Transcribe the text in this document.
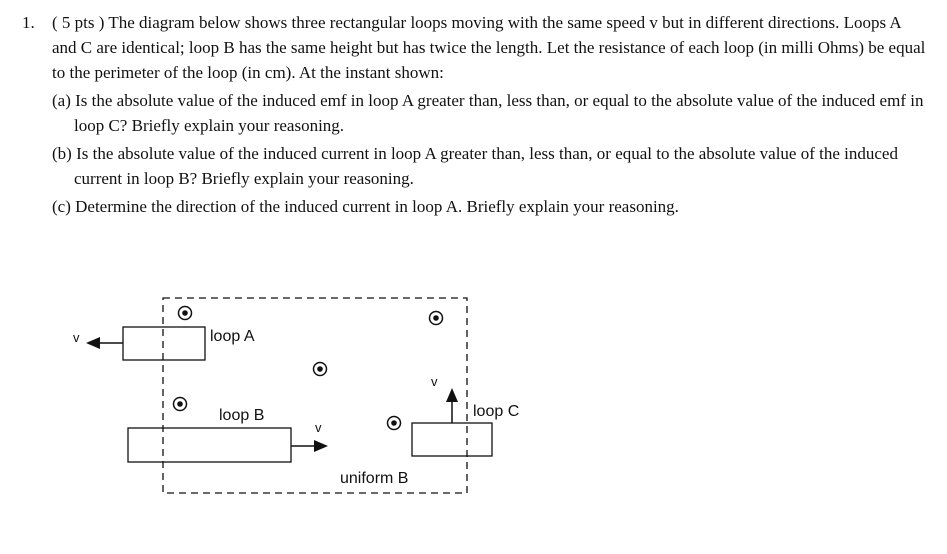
1. ( 5 pts ) The diagram below shows three rectangular loops moving with the same speed v but in different directions. Loops A and C are identical; loop B has the same height but has twice the length. Let the resistance of each loop (in milli Ohms) be equal to the perimeter of the loop (in cm). At the instant shown:
(a) Is the absolute value of the induced emf in loop A greater than, less than, or equal to the absolute value of the induced emf in loop C? Briefly explain your reasoning.
(b) Is the absolute value of the induced current in loop A greater than, less than, or equal to the absolute value of the induced current in loop B? Briefly explain your reasoning.
(c) Determine the direction of the induced current in loop A. Briefly explain your reasoning.
loop A
v
loop B
v
loop C
v
uniform B
